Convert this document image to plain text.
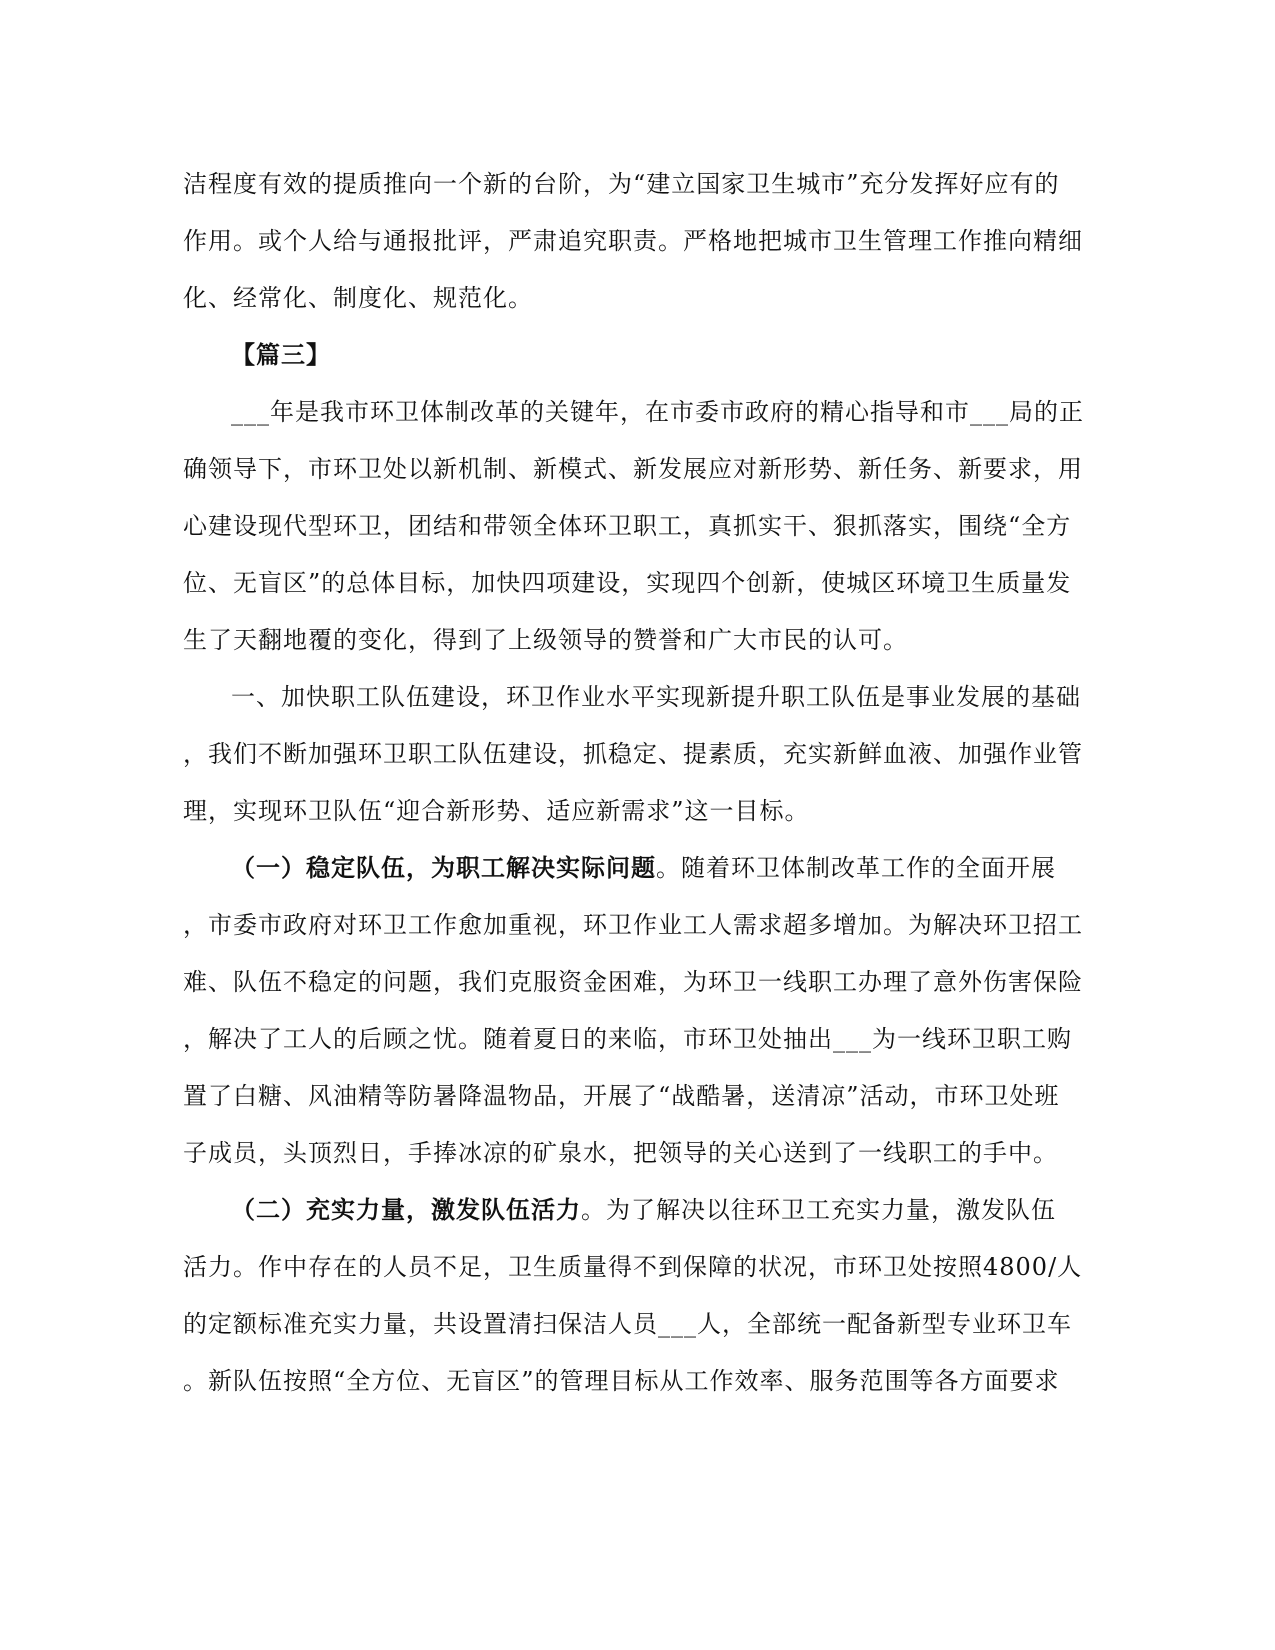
洁程度有效的提质推向一个新的台阶，为“建立国家卫生城市”充分发挥好应有的
作用。或个人给与通报批评，严肃追究职责。严格地把城市卫生管理工作推向精细
化、经常化、制度化、规范化。
【篇三】
___年是我市环卫体制改革的关键年，在市委市政府的精心指导和市___局的正
确领导下，市环卫处以新机制、新模式、新发展应对新形势、新任务、新要求，用
心建设现代型环卫，团结和带领全体环卫职工，真抓实干、狠抓落实，围绕“全方
位、无盲区”的总体目标，加快四项建设，实现四个创新，使城区环境卫生质量发
生了天翻地覆的变化，得到了上级领导的赞誉和广大市民的认可。
一、加快职工队伍建设，环卫作业水平实现新提升职工队伍是事业发展的基础
，我们不断加强环卫职工队伍建设，抓稳定、提素质，充实新鲜血液、加强作业管
理，实现环卫队伍“迎合新形势、适应新需求”这一目标。
（一）稳定队伍，为职工解决实际问题。随着环卫体制改革工作的全面开展
，市委市政府对环卫工作愈加重视，环卫作业工人需求超多增加。为解决环卫招工
难、队伍不稳定的问题，我们克服资金困难，为环卫一线职工办理了意外伤害保险
，解决了工人的后顾之忧。随着夏日的来临，市环卫处抽出___为一线环卫职工购
置了白糖、风油精等防暑降温物品，开展了“战酷暑，送清凉”活动，市环卫处班
子成员，头顶烈日，手捧冰凉的矿泉水，把领导的关心送到了一线职工的手中。
（二）充实力量，激发队伍活力。为了解决以往环卫工充实力量，激发队伍
活力。作中存在的人员不足，卫生质量得不到保障的状况，市环卫处按照4800/人
的定额标准充实力量，共设置清扫保洁人员___人，全部统一配备新型专业环卫车
。新队伍按照“全方位、无盲区”的管理目标从工作效率、服务范围等各方面要求
